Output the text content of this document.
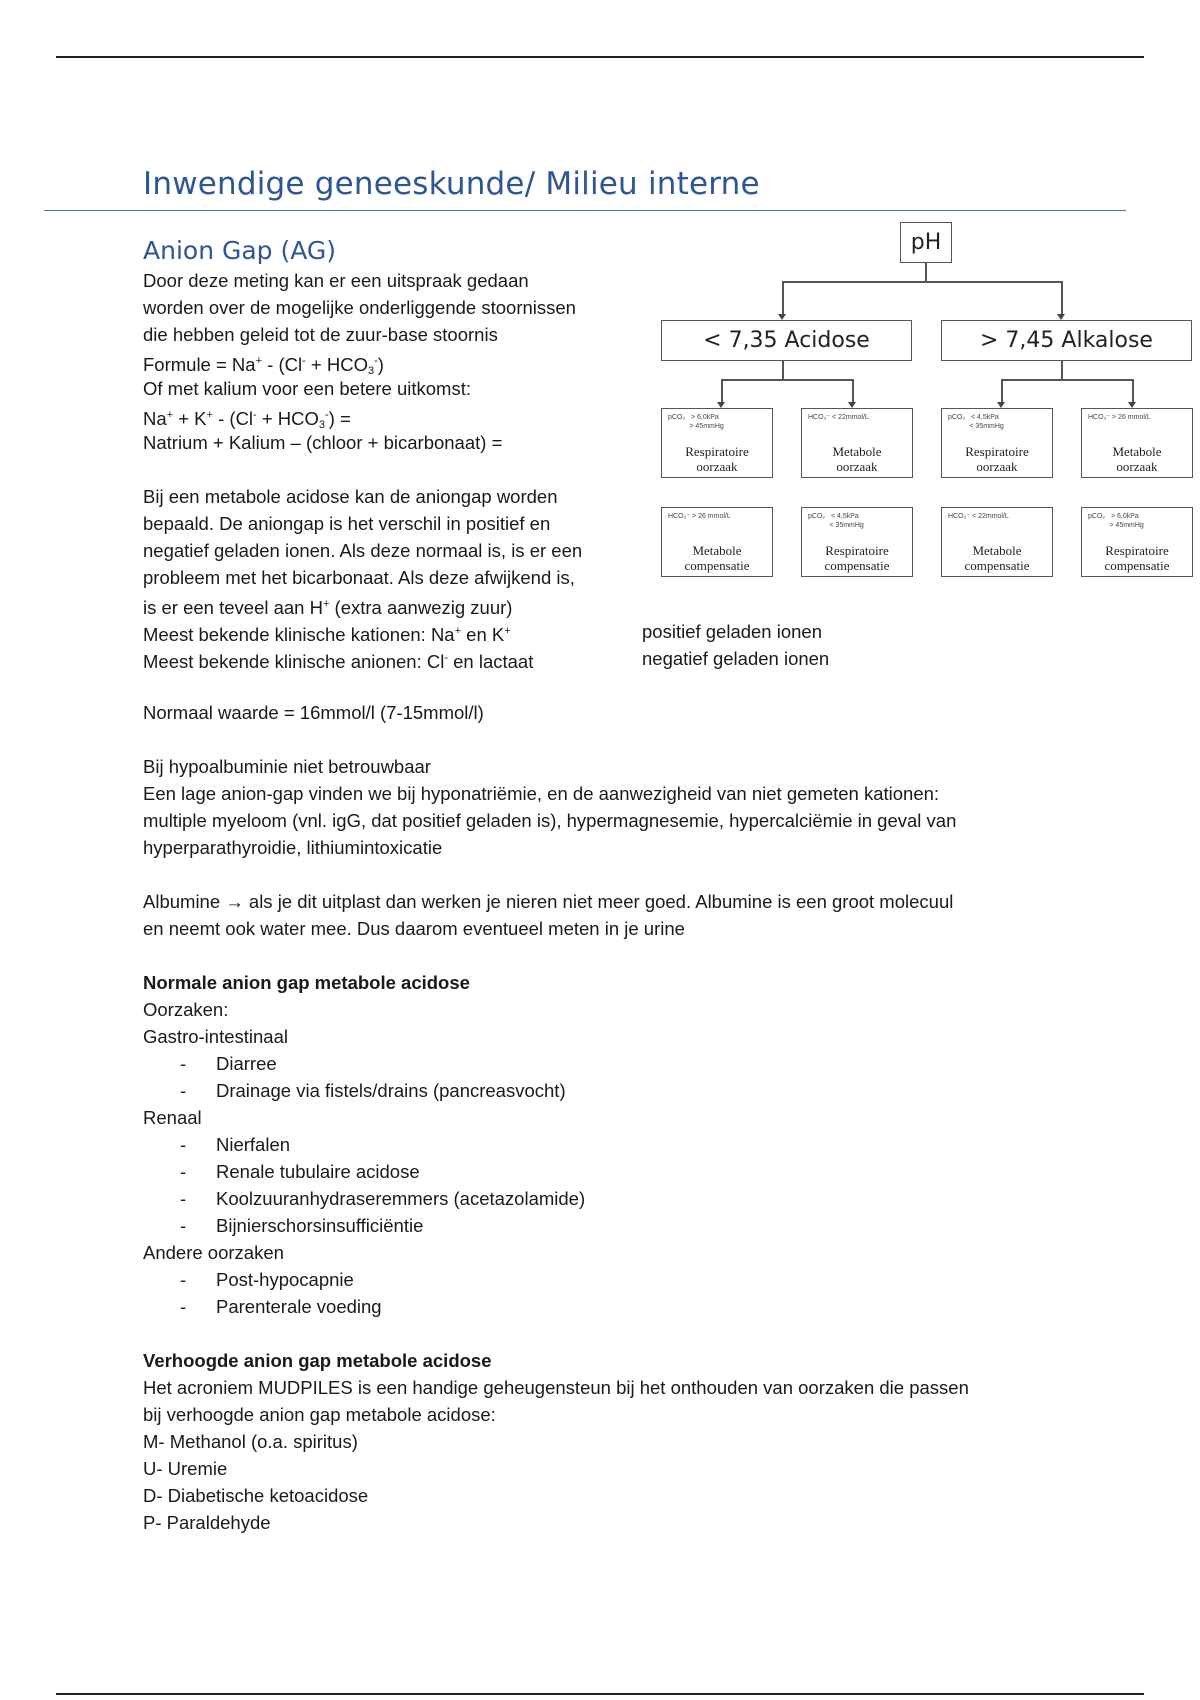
Inwendige geneeskunde/ Milieu interne
Anion Gap (AG)
Door deze meting kan er een uitspraak gedaan
worden over de mogelijke onderliggende stoornissen
die hebben geleid tot de zuur-base stoornis
Formule = $Na^+ - (Cl^- + HCO_3^-)$
Of met kalium voor een betere uitkomst:
$Na^+ + K^+ - (Cl^- + HCO_3^-)$ =
Natrium + Kalium – (chloor + bicarbonaat) =
Bij een metabole acidose kan de aniongap worden
bepaald. De aniongap is het verschil in positief en
negatief geladen ionen. Als deze normaal is, is er een
probleem met het bicarbonaat. Als deze afwijkend is,
is er een teveel aan H+ (extra aanwezig zuur)
Meest bekende klinische kationen: Na+ en K+	positief geladen ionen
Meest bekende klinische anionen: Cl- en lactaat	negatief geladen ionen
Normaal waarde = 16mmol/l (7-15mmol/l)
Bij hypoalbuminie niet betrouwbaar
Een lage anion-gap vinden we bij hyponatriëmie, en de aanwezigheid van niet gemeten kationen:
multiple myeloom (vnl. igG, dat positief geladen is), hypermagnesemie, hypercalciëmie in geval van
hyperparathyroidie, lithiumintoxicatie
Albumine → als je dit uitplast dan werken je nieren niet meer goed. Albumine is een groot molecuul
en neemt ook water mee. Dus daarom eventueel meten in je urine
Normale anion gap metabole acidose
Oorzaken:
Gastro-intestinaal
- Diarree
- Drainage via fistels/drains (pancreasvocht)
Renaal
- Nierfalen
- Renale tubulaire acidose
- Koolzuuranhydraseremmers (acetazolamide)
- Bijnierschorsinsufficiëntie
Andere oorzaken
- Post-hypocapnie
- Parenterale voeding
Verhoogde anion gap metabole acidose
Het acroniem MUDPILES is een handige geheugensteun bij het onthouden van oorzaken die passen
bij verhoogde anion gap metabole acidose:
M- Methanol (o.a. spiritus)
U- Uremie
D- Diabetische ketoacidose
P- Paraldehyde
pH
< 7,35 Acidose	> 7,45 Alkalose
pCO₂   > 6,0kPa
> 45mmHg
Respiratoire
oorzaak
HCO₃⁻ < 22mmol/L
Metabole
oorzaak
pCO₂   < 4,5kPa
< 35mmHg
Respiratoire
oorzaak
HCO₃⁻ > 26 mmol/L
Metabole
oorzaak
HCO₃⁻ > 26 mmol/L
Metabole
compensatie
pCO₂   < 4,5kPa
< 35mmHg
Respiratoire
compensatie
HCO₃⁻ < 22mmol/L
Metabole
compensatie
pCO₂   > 6,0kPa
> 45mmHg
Respiratoire
compensatie
